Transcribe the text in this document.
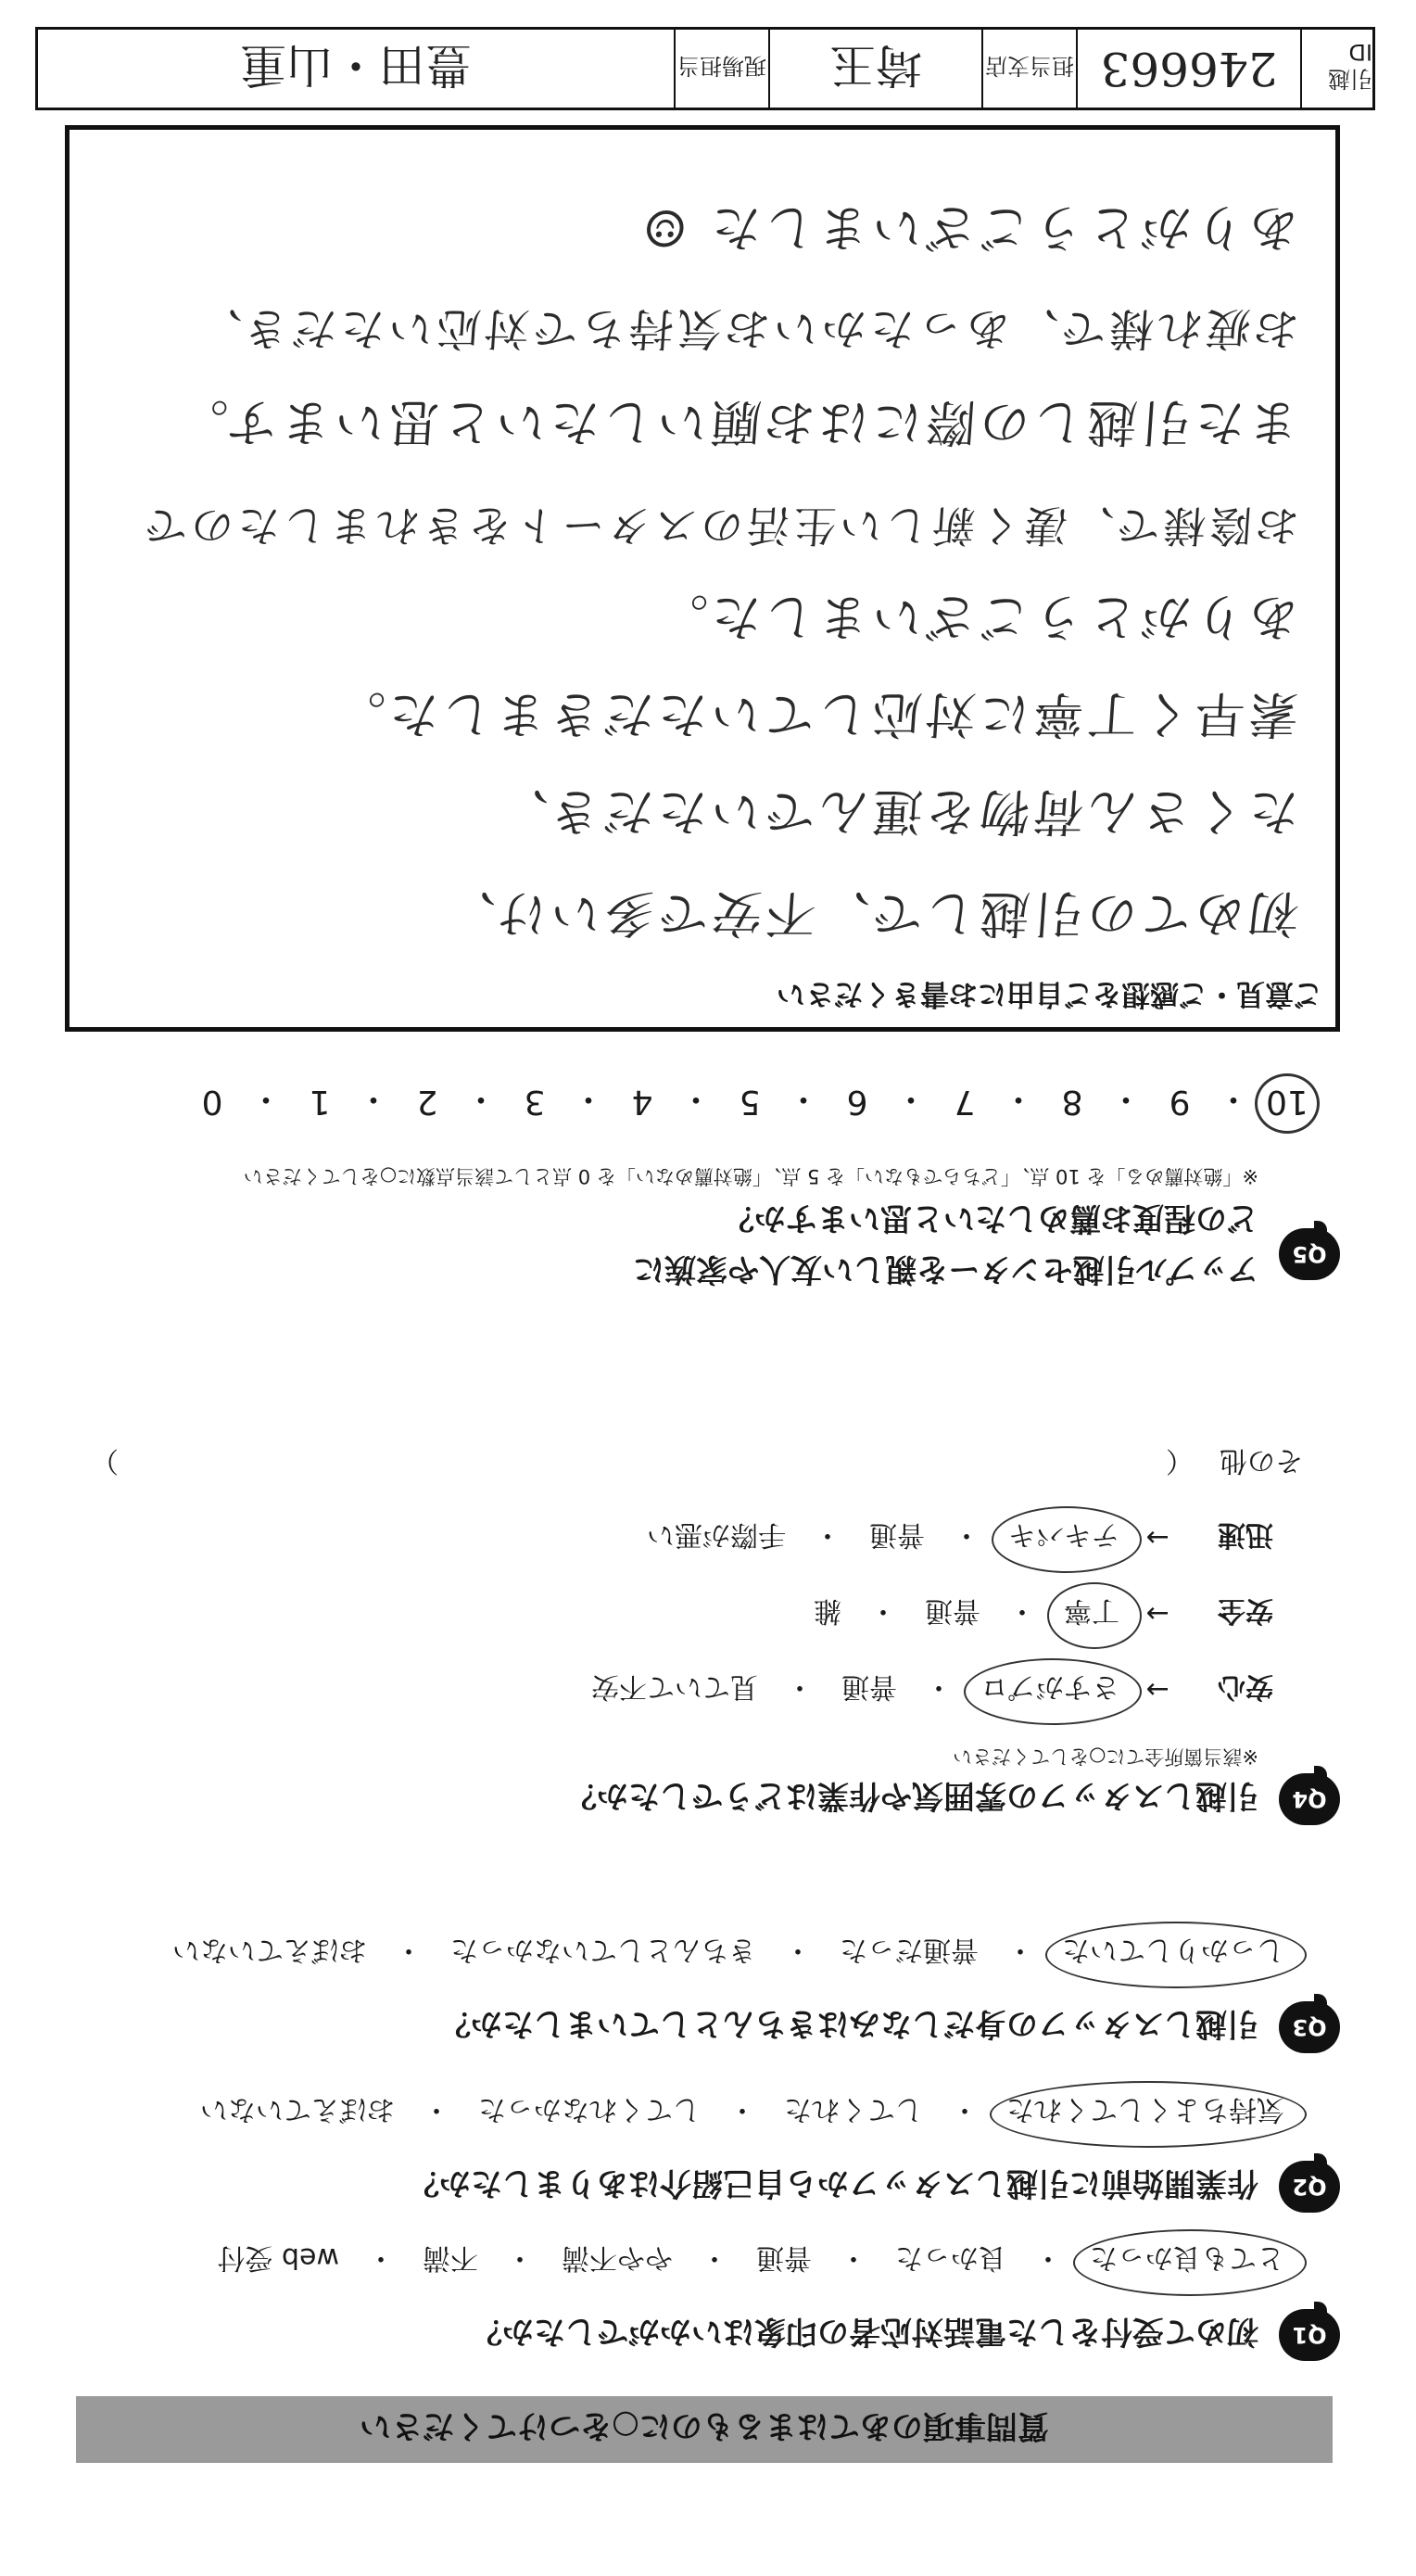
質問事項のあてはまるものに○をつけてください
Q1
初めて受付をした電話対応者の印象はいかがでしたか？
とても良かった
・
良かった
・
普通
・
やや不満
・
不満
・
web 受付
Q2
作業開始前に引越しスタッフから自己紹介はありましたか？
気持ちよくしてくれた
・
してくれた
・
してくれなかった
・
おぼえていない
Q3
引越しスタッフの身だしなみはきちんとしていましたか？
しっかりしていた
・
普通だった
・
きちんとしていなかった
・
おぼえていない
Q4
引越しスタッフの雰囲気や作業はどうでしたか？
※該当箇所全てに○をしてください
安心
→
さすがプロ
・
普通
・
見ていて不安
安全
→
丁寧
・
普通
・
雑
迅速
→
テキパキ
・
普通
・
手際が悪い
その他
（
）
Q5
アップル引越センターを親しい友人や家族に
どの程度お薦めしたいと思いますか？
※「絶対薦める」を 10 点、「どちらでもない」を 5 点、「絶対薦めない」を 0 点として該当点数に○をしてください
10
・
9
・
8
・
7
・
6
・
5
・
4
・
3
・
2
・
1
・
0
ご意見・ご感想をご自由にお書きください
初めての引越しで、不安で多いけ、
たくさん荷物を運んでいただき、
素早く丁寧に対応していただきました。
ありがとうございました。
お陰様で、凄く新しい生活のスタートをきれましたので
また引越しの際にはお願いしたいと思います。
お疲れ様で、あったかいお気持ちで対応いただき、
ありがとうございました ☺
引越 ID
246663
担当支店
埼玉
現場担当
豊田・山重
